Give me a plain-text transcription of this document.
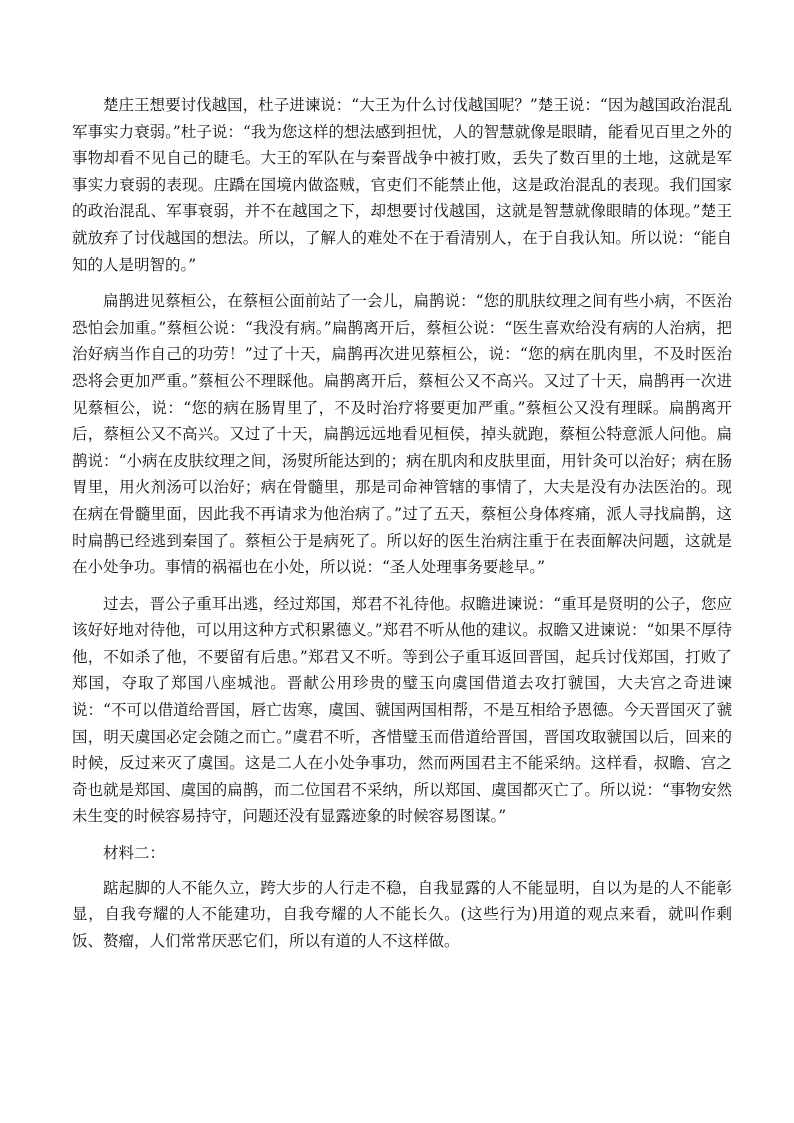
楚庄王想要讨伐越国，杜子进谏说：“大王为什么讨伐越国呢？”楚王说：“因为越国政治混乱军事实力衰弱。”杜子说：“我为您这样的想法感到担忧，人的智慧就像是眼睛，能看见百里之外的事物却看不见自己的睫毛。大王的军队在与秦晋战争中被打败，丢失了数百里的土地，这就是军事实力衰弱的表现。庄蹻在国境内做盗贼，官吏们不能禁止他，这是政治混乱的表现。我们国家的政治混乱、军事衰弱，并不在越国之下，却想要讨伐越国，这就是智慧就像眼睛的体现。”楚王就放弃了讨伐越国的想法。所以，了解人的难处不在于看清别人，在于自我认知。所以说：“能自知的人是明智的。”

扁鹊进见蔡桓公，在蔡桓公面前站了一会儿，扁鹊说：“您的肌肤纹理之间有些小病，不医治恐怕会加重。”蔡桓公说：“我没有病。”扁鹊离开后，蔡桓公说：“医生喜欢给没有病的人治病，把治好病当作自己的功劳！”过了十天，扁鹊再次进见蔡桓公，说：“您的病在肌肉里，不及时医治恐将会更加严重。”蔡桓公不理睬他。扁鹊离开后，蔡桓公又不高兴。又过了十天，扁鹊再一次进见蔡桓公，说：“您的病在肠胃里了，不及时治疗将要更加严重。”蔡桓公又没有理睬。扁鹊离开后，蔡桓公又不高兴。又过了十天，扁鹊远远地看见桓侯，掉头就跑，蔡桓公特意派人问他。扁鹊说：“小病在皮肤纹理之间，汤熨所能达到的；病在肌肉和皮肤里面，用针灸可以治好；病在肠胃里，用火剂汤可以治好；病在骨髓里，那是司命神管辖的事情了，大夫是没有办法医治的。现在病在骨髓里面，因此我不再请求为他治病了。”过了五天，蔡桓公身体疼痛，派人寻找扁鹊，这时扁鹊已经逃到秦国了。蔡桓公于是病死了。所以好的医生治病注重于在表面解决问题，这就是在小处争功。事情的祸福也在小处，所以说：“圣人处理事务要趁早。”

过去，晋公子重耳出逃，经过郑国，郑君不礼待他。叔瞻进谏说：“重耳是贤明的公子，您应该好好地对待他，可以用这种方式积累德义。”郑君不听从他的建议。叔瞻又进谏说：“如果不厚待他，不如杀了他，不要留有后患。”郑君又不听。等到公子重耳返回晋国，起兵讨伐郑国，打败了郑国，夺取了郑国八座城池。晋献公用珍贵的璧玉向虞国借道去攻打虢国，大夫宫之奇进谏说：“不可以借道给晋国，唇亡齿寒，虞国、虢国两国相帮，不是互相给予恩德。今天晋国灭了虢国，明天虞国必定会随之而亡。”虞君不听，吝惜璧玉而借道给晋国，晋国攻取虢国以后，回来的时候，反过来灭了虞国。这是二人在小处争事功，然而两国君主不能采纳。这样看，叔瞻、宫之奇也就是郑国、虞国的扁鹊，而二位国君不采纳，所以郑国、虞国都灭亡了。所以说：“事物安然未生变的时候容易持守，问题还没有显露迹象的时候容易图谋。”

材料二：

踮起脚的人不能久立，跨大步的人行走不稳，自我显露的人不能显明，自以为是的人不能彰显，自我夸耀的人不能建功，自我夸耀的人不能长久。(这些行为)用道的观点来看，就叫作剩饭、赘瘤，人们常常厌恶它们，所以有道的人不这样做。
